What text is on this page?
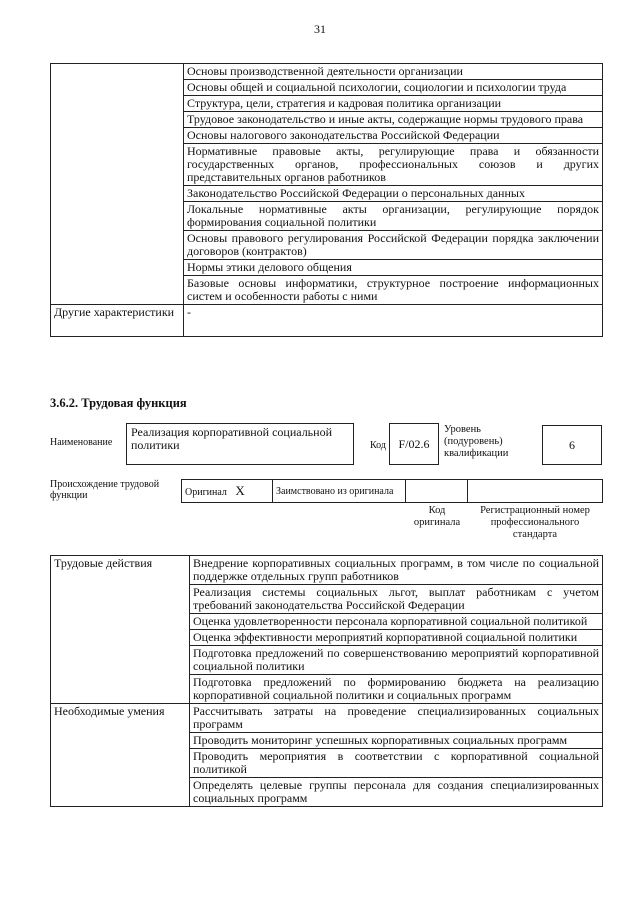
31
	Основы производственной деятельности организации
	Основы общей и социальной психологии, социологии и психологии труда
	Структура, цели, стратегия и кадровая политика организации
	Трудовое законодательство и иные акты, содержащие нормы трудового права
	Основы налогового законодательства Российской Федерации
	Нормативные правовые акты, регулирующие права и обязанности государственных органов, профессиональных союзов и других представительных органов работников
	Законодательство Российской Федерации о персональных данных
	Локальные нормативные акты организации, регулирующие порядок формирования социальной политики
	Основы правового регулирования Российской Федерации порядка заключении договоров (контрактов)
	Нормы этики делового общения
	Базовые основы информатики, структурное построение информационных систем и особенности работы с ними
Другие характеристики	-
3.6.2. Трудовая функция
Наименование
Реализация корпоративной социальной политики	Код	F/02.6
Уровень (подуровень) квалификации
6
Происхождение трудовой функции	Оригинал X	Заимствовано из оригинала		
Код оригинала
Регистрационный номер профессионального стандарта
Трудовые действия	Внедрение корпоративных социальных программ, в том числе по социальной поддержке отдельных групп работников
	Реализация системы социальных льгот, выплат работникам с учетом требований законодательства Российской Федерации
	Оценка удовлетворенности персонала корпоративной социальной политикой
	Оценка эффективности мероприятий корпоративной социальной политики
	Подготовка предложений по совершенствованию мероприятий корпоративной социальной политики
	Подготовка предложений по формированию бюджета на реализацию корпоративной социальной политики и социальных программ
Необходимые умения	Рассчитывать затраты на проведение специализированных социальных программ
	Проводить мониторинг успешных корпоративных социальных программ
	Проводить мероприятия в соответствии с корпоративной социальной политикой
	Определять целевые группы персонала для создания специализированных социальных программ
